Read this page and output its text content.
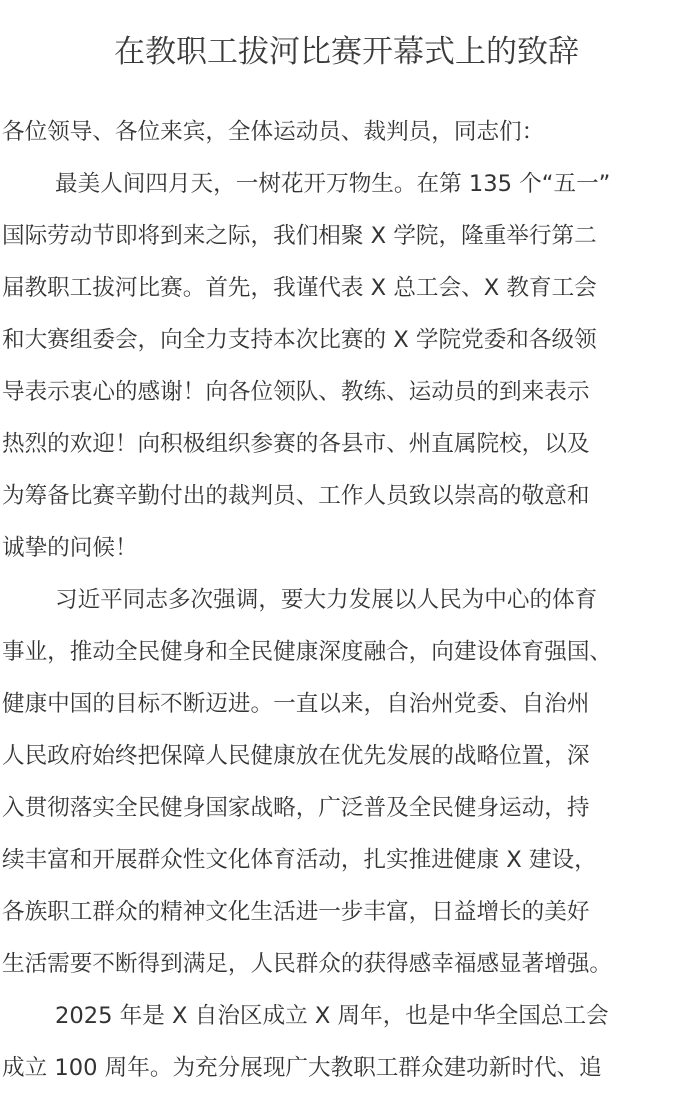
在教职工拔河比赛开幕式上的致辞
各位领导、各位来宾，全体运动员、裁判员，同志们：
最美人间四月天，一树花开万物生。在第 135 个“五一”
国际劳动节即将到来之际，我们相聚 X 学院，隆重举行第二
届教职工拔河比赛。首先，我谨代表 X 总工会、X 教育工会
和大赛组委会，向全力支持本次比赛的 X 学院党委和各级领
导表示衷心的感谢！向各位领队、教练、运动员的到来表示
热烈的欢迎！向积极组织参赛的各县市、州直属院校，以及
为筹备比赛辛勤付出的裁判员、工作人员致以崇高的敬意和
诚挚的问候！
习近平同志多次强调，要大力发展以人民为中心的体育
事业，推动全民健身和全民健康深度融合，向建设体育强国、
健康中国的目标不断迈进。一直以来，自治州党委、自治州
人民政府始终把保障人民健康放在优先发展的战略位置，深
入贯彻落实全民健身国家战略，广泛普及全民健身运动，持
续丰富和开展群众性文化体育活动，扎实推进健康 X 建设，
各族职工群众的精神文化生活进一步丰富，日益增长的美好
生活需要不断得到满足，人民群众的获得感幸福感显著增强。
2025 年是 X 自治区成立 X 周年，也是中华全国总工会
成立 100 周年。为充分展现广大教职工群众建功新时代、追
